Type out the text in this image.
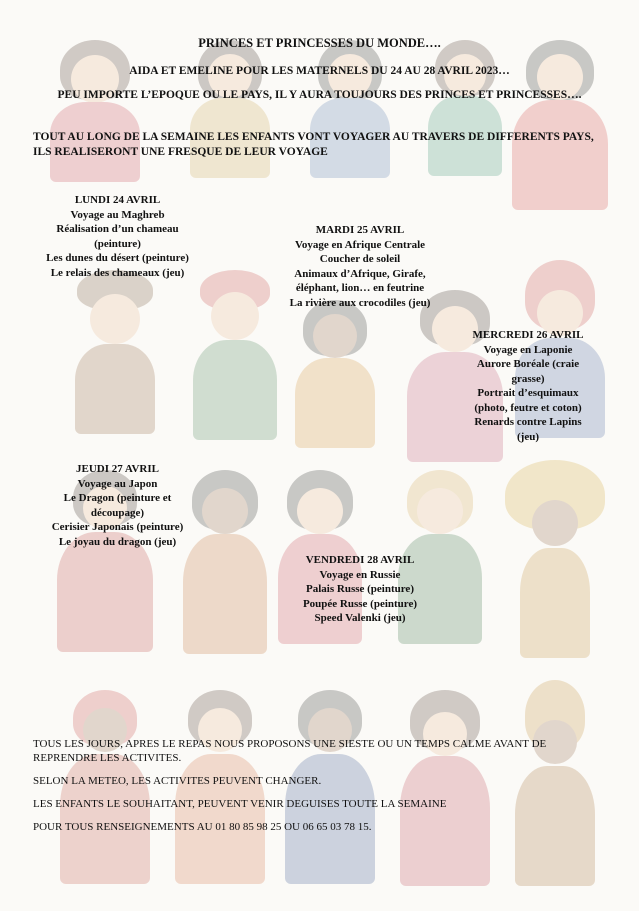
PRINCES ET PRINCESSES DU MONDE….
AIDA ET EMELINE POUR LES MATERNELS DU 24 AU 28 AVRIL 2023…
PEU IMPORTE L’EPOQUE OU LE PAYS, IL Y AURA TOUJOURS DES PRINCES ET PRINCESSES….
TOUT AU LONG DE LA SEMAINE LES ENFANTS VONT VOYAGER AU TRAVERS DE DIFFERENTS PAYS, ILS REALISERONT UNE FRESQUE DE LEUR VOYAGE
LUNDI 24 AVRIL
Voyage au Maghreb
Réalisation d’un chameau
(peinture)
Les dunes du désert (peinture)
Le relais des chameaux (jeu)
MARDI 25 AVRIL
Voyage en Afrique Centrale
Coucher de soleil
Animaux d’Afrique, Girafe,
éléphant, lion… en feutrine
La rivière aux crocodiles (jeu)
MERCREDI 26 AVRIL
Voyage en Laponie
Aurore Boréale (craie
grasse)
Portrait d’esquimaux
(photo, feutre et coton)
Renards contre Lapins
(jeu)
JEUDI 27 AVRIL
Voyage au Japon
Le Dragon (peinture et
découpage)
Cerisier Japonais (peinture)
Le joyau du dragon (jeu)
VENDREDI 28 AVRIL
Voyage en Russie
Palais Russe (peinture)
Poupée Russe (peinture)
Speed Valenki (jeu)

TOUS LES JOURS, APRES LE REPAS NOUS PROPOSONS UNE SIESTE OU UN TEMPS CALME AVANT DE REPRENDRE LES ACTIVITES.

SELON LA METEO, LES ACTIVITES PEUVENT CHANGER.

LES ENFANTS LE SOUHAITANT, PEUVENT VENIR DEGUISES TOUTE LA SEMAINE

POUR TOUS RENSEIGNEMENTS AU 01 80 85 98 25 OU 06 65 03 78 15.
